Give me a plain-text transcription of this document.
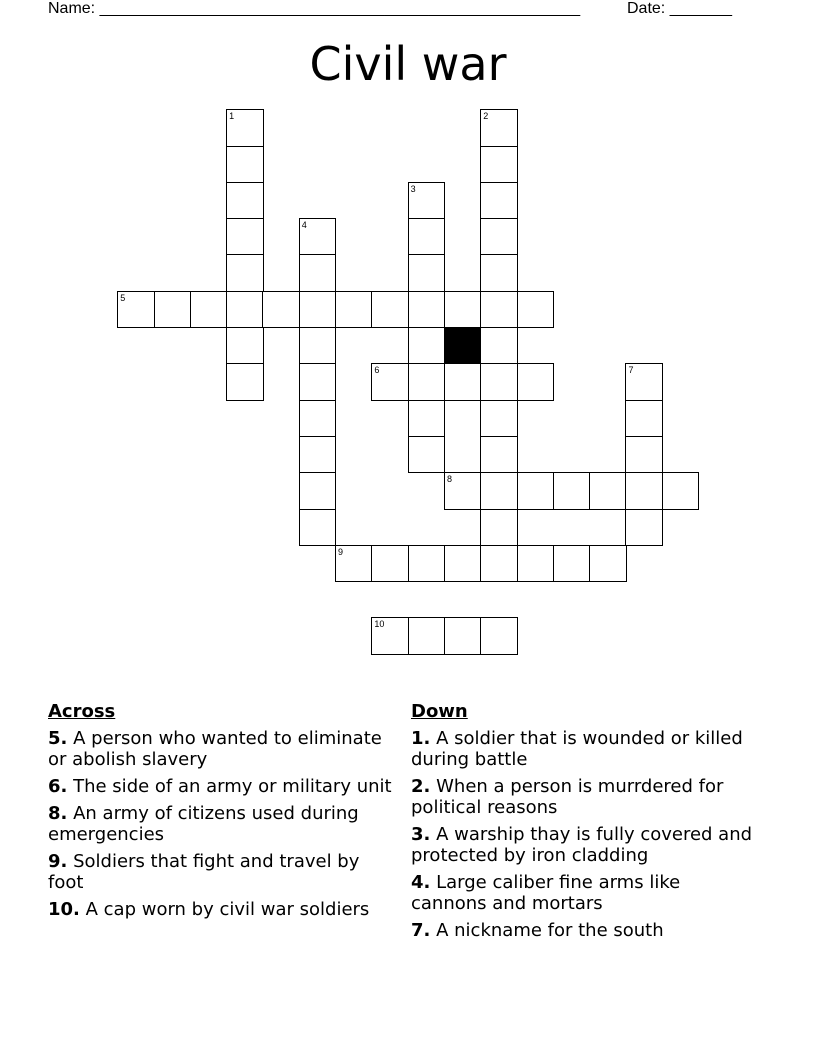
Name: ______________________________________________________	Date: _______
Civil war
1	2
3
4
5
6	7
8
9
10
Across
5. A person who wanted to eliminate or abolish slavery
6. The side of an army or military unit
8. An army of citizens used during emergencies
9. Soldiers that fight and travel by foot
10. A cap worn by civil war soldiers
Down
1. A soldier that is wounded or killed during battle
2. When a person is murrdered for political reasons
3. A warship thay is fully covered and protected by iron cladding
4. Large caliber fine arms like cannons and mortars
7. A nickname for the south
